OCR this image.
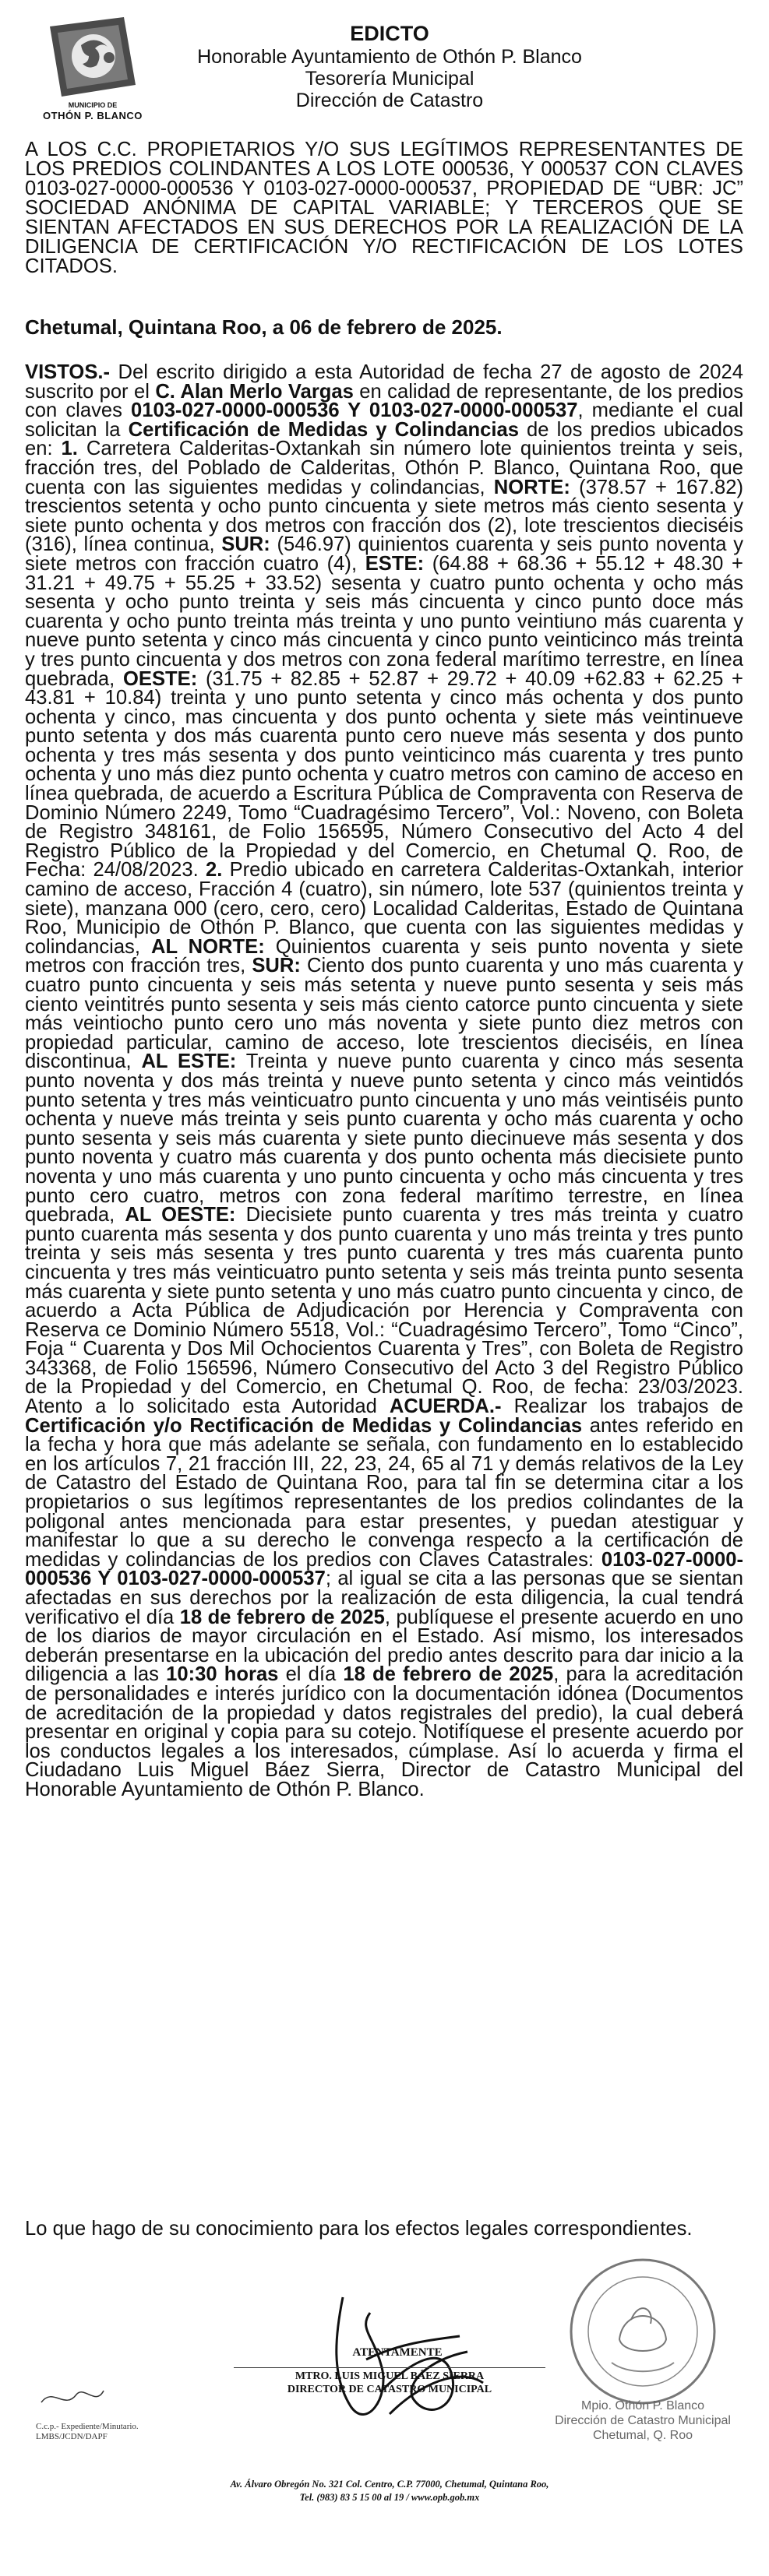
MUNICIPIO DE
OTHÓN P. BLANCO
EDICTO
Honorable Ayuntamiento de Othón P. Blanco
Tesorería Municipal
Dirección de Catastro
A LOS C.C. PROPIETARIOS Y/O SUS LEGÍTIMOS REPRESENTANTES DE LOS PREDIOS COLINDANTES A LOS LOTE 000536, Y 000537 CON CLAVES 0103-027-0000-000536 Y 0103-027-0000-000537, PROPIEDAD DE “UBR: JC” SOCIEDAD ANÓNIMA DE CAPITAL VARIABLE; Y TERCEROS QUE SE SIENTAN AFECTADOS EN SUS DERECHOS POR LA REALIZACIÓN DE LA DILIGENCIA DE CERTIFICACIÓN Y/O RECTIFICACIÓN DE LOS LOTES CITADOS.
Chetumal, Quintana Roo, a 06 de febrero de 2025.
VISTOS.- Del escrito dirigido a esta Autoridad de fecha 27 de agosto de 2024 suscrito por el C. Alan Merlo Vargas en calidad de representante, de los predios con claves 0103-027-0000-000536 Y 0103-027-0000-000537, mediante el cual solicitan la Certificación de Medidas y Colindancias de los predios ubicados en: 1. Carretera Calderitas-Oxtankah sin número lote quinientos treinta y seis, fracción tres, del Poblado de Calderitas, Othón P. Blanco, Quintana Roo, que cuenta con las siguientes medidas y colindancias, NORTE: (378.57 + 167.82) trescientos setenta y ocho punto cincuenta y siete metros más ciento sesenta y siete punto ochenta y dos metros con fracción dos (2), lote trescientos dieciséis (316), línea continua, SUR: (546.97) quinientos cuarenta y seis punto noventa y siete metros con fracción cuatro (4), ESTE: (64.88 + 68.36 + 55.12 + 48.30 + 31.21 + 49.75 + 55.25 + 33.52) sesenta y cuatro punto ochenta y ocho más sesenta y ocho punto treinta y seis más cincuenta y cinco punto doce más cuarenta y ocho punto treinta más treinta y uno punto veintiuno más cuarenta y nueve punto setenta y cinco más cincuenta y cinco punto veinticinco más treinta y tres punto cincuenta y dos metros con zona federal marítimo terrestre, en línea quebrada, OESTE: (31.75 + 82.85 + 52.87 + 29.72 + 40.09 +62.83 + 62.25 + 43.81 + 10.84) treinta y uno punto setenta y cinco más ochenta y dos punto ochenta y cinco, mas cincuenta y dos punto ochenta y siete más veintinueve punto setenta y dos más cuarenta punto cero nueve más sesenta y dos punto ochenta y tres más sesenta y dos punto veinticinco más cuarenta y tres punto ochenta y uno más diez punto ochenta y cuatro metros con camino de acceso en línea quebrada, de acuerdo a Escritura Pública de Compraventa con Reserva de Dominio Número 2249, Tomo “Cuadragésimo Tercero”, Vol.: Noveno, con Boleta de Registro 348161, de Folio 156595, Número Consecutivo del Acto 4 del Registro Público de la Propiedad y del Comercio, en Chetumal Q. Roo, de Fecha: 24/08/2023. 2. Predio ubicado en carretera Calderitas-Oxtankah, interior camino de acceso, Fracción 4 (cuatro), sin número, lote 537 (quinientos treinta y siete), manzana 000 (cero, cero, cero) Localidad Calderitas, Estado de Quintana Roo, Municipio de Othón P. Blanco, que cuenta con las siguientes medidas y colindancias, AL NORTE: Quinientos cuarenta y seis punto noventa y siete metros con fracción tres, SUR: Ciento dos punto cuarenta y uno más cuarenta y cuatro punto cincuenta y seis más setenta y nueve punto sesenta y seis más ciento veintitrés punto sesenta y seis más ciento catorce punto cincuenta y siete más veintiocho punto cero uno más noventa y siete punto diez metros con propiedad particular, camino de acceso, lote trescientos dieciséis, en línea discontinua, AL ESTE: Treinta y nueve punto cuarenta y cinco más sesenta punto noventa y dos más treinta y nueve punto setenta y cinco más veintidós punto setenta y tres más veinticuatro punto cincuenta y uno más veintiséis punto ochenta y nueve más treinta y seis punto cuarenta y ocho más cuarenta y ocho punto sesenta y seis más cuarenta y siete punto diecinueve más sesenta y dos punto noventa y cuatro más cuarenta y dos punto ochenta más diecisiete punto noventa y uno más cuarenta y uno punto cincuenta y ocho más cincuenta y tres punto cero cuatro, metros con zona federal marítimo terrestre, en línea quebrada, AL OESTE: Diecisiete punto cuarenta y tres más treinta y cuatro punto cuarenta más sesenta y dos punto cuarenta y uno más treinta y tres punto treinta y seis más sesenta y tres punto cuarenta y tres más cuarenta punto cincuenta y tres más veinticuatro punto setenta y seis más treinta punto sesenta más cuarenta y siete punto setenta y uno más cuatro punto cincuenta y cinco, de acuerdo a Acta Pública de Adjudicación por Herencia y Compraventa con Reserva ce Dominio Número 5518, Vol.: “Cuadragésimo Tercero”, Tomo “Cinco”, Foja “ Cuarenta y Dos Mil Ochocientos Cuarenta y Tres”, con Boleta de Registro 343368, de Folio 156596, Número Consecutivo del Acto 3 del Registro Público de la Propiedad y del Comercio, en Chetumal Q. Roo, de fecha: 23/03/2023. Atento a lo solicitado esta Autoridad ACUERDA.- Realizar los trabajos de Certificación y/o Rectificación de Medidas y Colindancias antes referido en la fecha y hora que más adelante se señala, con fundamento en lo establecido en los artículos 7, 21 fracción III, 22, 23, 24, 65 al 71 y demás relativos de la Ley de Catastro del Estado de Quintana Roo, para tal fin se determina citar a los propietarios o sus legítimos representantes de los predios colindantes de la poligonal antes mencionada para estar presentes, y puedan atestiguar y manifestar lo que a su derecho le convenga respecto a la certificación de medidas y colindancias de los predios con Claves Catastrales: 0103-027-0000-000536 Y 0103-027-0000-000537; al igual se cita a las personas que se sientan afectadas en sus derechos por la realización de esta diligencia, la cual tendrá verificativo el día 18 de febrero de 2025, publíquese el presente acuerdo en uno de los diarios de mayor circulación en el Estado. Así mismo, los interesados deberán presentarse en la ubicación del predio antes descrito para dar inicio a la diligencia a las 10:30 horas el día 18 de febrero de 2025, para la acreditación de personalidades e interés jurídico con la documentación idónea (Documentos de acreditación de la propiedad y datos registrales del predio), la cual deberá presentar en original y copia para su cotejo. Notifíquese el presente acuerdo por los conductos legales a los interesados, cúmplase. Así lo acuerda y firma el Ciudadano Luis Miguel Báez Sierra, Director de Catastro Municipal del Honorable Ayuntamiento de Othón P. Blanco.
Lo que hago de su conocimiento para los efectos legales correspondientes.
ATENTAMENTE
MTRO. LUIS MIGUEL BÁEZ SIERRA
DIRECTOR DE CATASTRO MUNICIPAL
C.c.p.- Expediente/Minutario.
LMBS/JCDN/DAPF
Mpio. Othón P. Blanco
Dirección de Catastro Municipal
Chetumal, Q. Roo
Av. Álvaro Obregón No. 321 Col. Centro, C.P. 77000, Chetumal, Quintana Roo,
Tel. (983) 83 5 15 00 al 19 / www.opb.gob.mx
